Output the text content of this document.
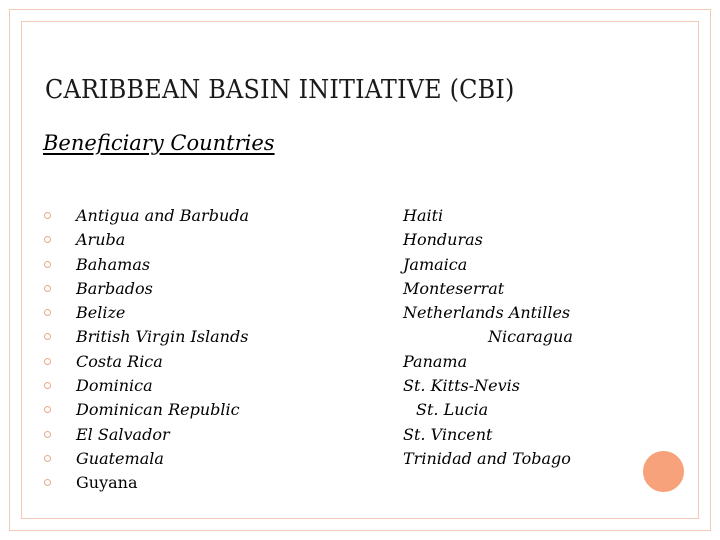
CARIBBEAN BASIN INITIATIVE (CBI)
Beneficiary Countries
Antigua and Barbuda
Aruba
Bahamas
Barbados
Belize
British Virgin Islands
Costa Rica
Dominica
Dominican Republic
El Salvador
Guatemala
Guyana
Haiti
Honduras
Jamaica
Monteserrat
Netherlands Antilles
Nicaragua
Panama
St. Kitts-Nevis
St. Lucia
St. Vincent
Trinidad and Tobago
